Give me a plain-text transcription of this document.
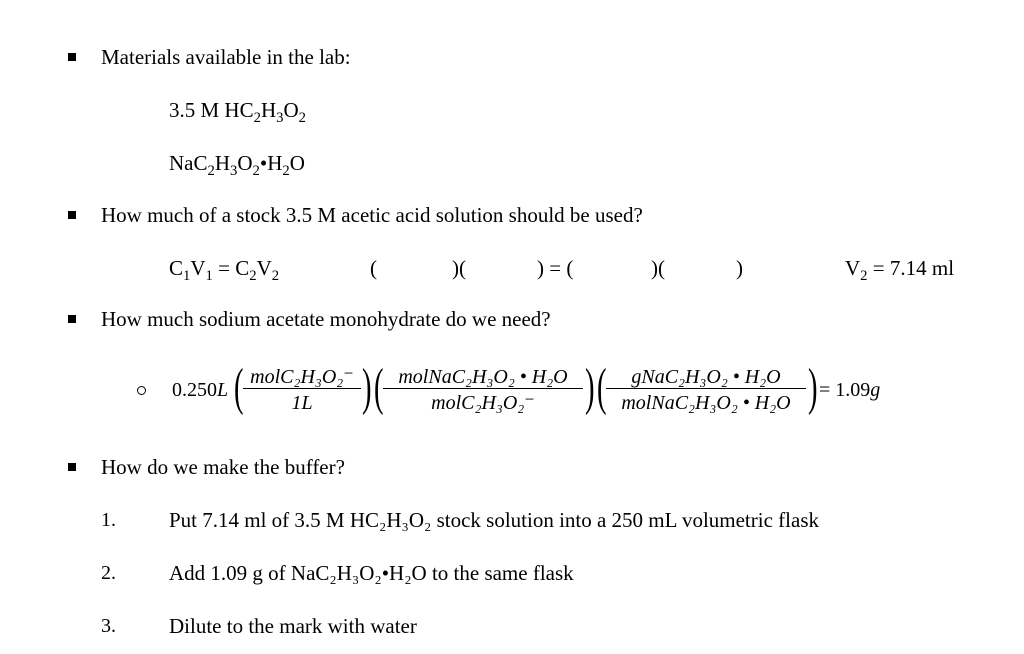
Materials available in the lab:
3.5 M $HC_2H_3O_2$
$NaC_2H_3O_2•H_2O$
How much of a stock 3.5 M acetic acid solution should be used?
$C_1V_1 = C_2V_2$	(	)(	) = (	)(	)	$V_2 = 7.14$ ml
How much sodium acetate monohydrate do we need?
0.250L ( molC₂H₃O₂⁻
1L ) ( molNaC₂H₃O₂ • H₂O
molC₂H₃O₂⁻ ) (	gNaC₂H₃O₂ • H₂O
molNaC₂H₃O₂ • H₂O ) = 1.09g
How do we make the buffer?
1.	Put 7.14 ml of 3.5 M HC₂H₃O₂ stock solution into a 250 mL volumetric flask
2.	Add 1.09 g of NaC₂H₃O₂•H₂O to the same flask
3.	Dilute to the mark with water
